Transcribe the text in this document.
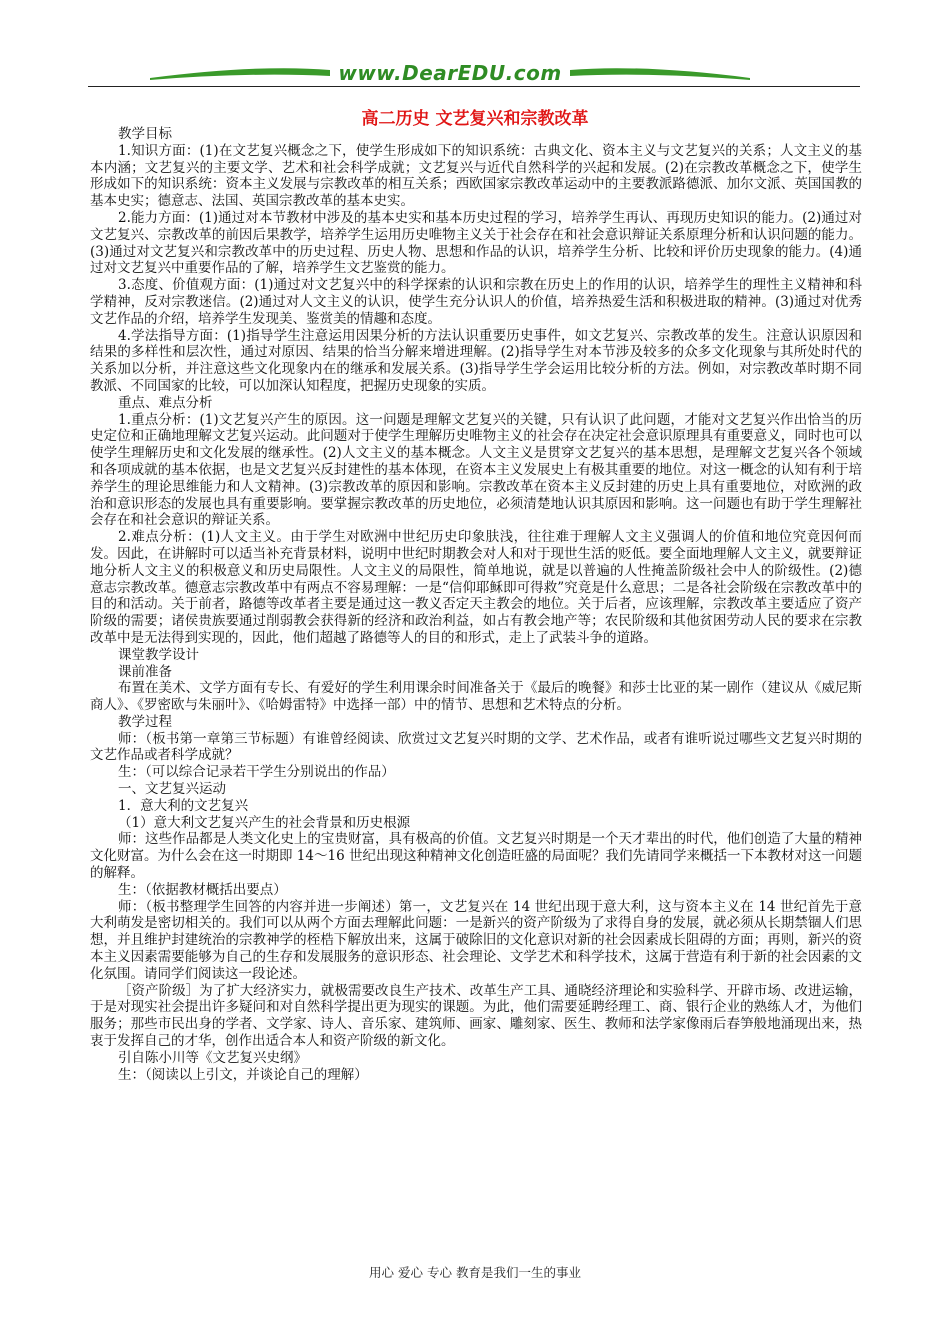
www.DearEDU.com
高二历史 文艺复兴和宗教改革

教学目标

1.知识方面：(1)在文艺复兴概念之下，使学生形成如下的知识系统：古典文化、资本主义与文艺复兴的关系；人文主义的基本内涵；文艺复兴的主要文学、艺术和社会科学成就；文艺复兴与近代自然科学的兴起和发展。(2)在宗教改革概念之下，使学生形成如下的知识系统：资本主义发展与宗教改革的相互关系；西欧国家宗教改革运动中的主要教派路德派、加尔文派、英国国教的基本史实；德意志、法国、英国宗教改革的基本史实。

2.能力方面：(1)通过对本节教材中涉及的基本史实和基本历史过程的学习，培养学生再认、再现历史知识的能力。(2)通过对文艺复兴、宗教改革的前因后果教学，培养学生运用历史唯物主义关于社会存在和社会意识辩证关系原理分析和认识问题的能力。(3)通过对文艺复兴和宗教改革中的历史过程、历史人物、思想和作品的认识，培养学生分析、比较和评价历史现象的能力。(4)通过对文艺复兴中重要作品的了解，培养学生文艺鉴赏的能力。

3.态度、价值观方面：(1)通过对文艺复兴中的科学探索的认识和宗教在历史上的作用的认识，培养学生的理性主义精神和科学精神，反对宗教迷信。(2)通过对人文主义的认识，使学生充分认识人的价值，培养热爱生活和积极进取的精神。(3)通过对优秀文艺作品的介绍，培养学生发现美、鉴赏美的情趣和态度。

4.学法指导方面：(1)指导学生注意运用因果分析的方法认识重要历史事件，如文艺复兴、宗教改革的发生。注意认识原因和结果的多样性和层次性，通过对原因、结果的恰当分解来增进理解。(2)指导学生对本节涉及较多的众多文化现象与其所处时代的关系加以分析，并注意这些文化现象内在的继承和发展关系。(3)指导学生学会运用比较分析的方法。例如，对宗教改革时期不同教派、不同国家的比较，可以加深认知程度，把握历史现象的实质。

重点、难点分析

1.重点分析：(1)文艺复兴产生的原因。这一问题是理解文艺复兴的关键，只有认识了此问题，才能对文艺复兴作出恰当的历史定位和正确地理解文艺复兴运动。此问题对于使学生理解历史唯物主义的社会存在决定社会意识原理具有重要意义，同时也可以使学生理解历史和文化发展的继承性。(2)人文主义的基本概念。人文主义是贯穿文艺复兴的基本思想，是理解文艺复兴各个领域和各项成就的基本依据，也是文艺复兴反封建性的基本体现，在资本主义发展史上有极其重要的地位。对这一概念的认知有利于培养学生的理论思维能力和人文精神。(3)宗教改革的原因和影响。宗教改革在资本主义反封建的历史上具有重要地位，对欧洲的政治和意识形态的发展也具有重要影响。要掌握宗教改革的历史地位，必须清楚地认识其原因和影响。这一问题也有助于学生理解社会存在和社会意识的辩证关系。

2.难点分析：(1)人文主义。由于学生对欧洲中世纪历史印象肤浅，往往难于理解人文主义强调人的价值和地位究竟因何而发。因此，在讲解时可以适当补充背景材料，说明中世纪时期教会对人和对于现世生活的贬低。要全面地理解人文主义，就要辩证地分析人文主义的积极意义和历史局限性。人文主义的局限性，简单地说，就是以普遍的人性掩盖阶级社会中人的阶级性。(2)德意志宗教改革。德意志宗教改革中有两点不容易理解：一是“信仰耶稣即可得救”究竟是什么意思；二是各社会阶级在宗教改革中的目的和活动。关于前者，路德等改革者主要是通过这一教义否定天主教会的地位。关于后者，应该理解，宗教改革主要适应了资产阶级的需要；诸侯贵族要通过削弱教会获得新的经济和政治利益，如占有教会地产等；农民阶级和其他贫困劳动人民的要求在宗教改革中是无法得到实现的，因此，他们超越了路德等人的目的和形式，走上了武装斗争的道路。

课堂教学设计

课前准备

布置在美术、文学方面有专长、有爱好的学生利用课余时间准备关于《最后的晚餐》和莎士比亚的某一剧作（建议从《威尼斯商人》、《罗密欧与朱丽叶》、《哈姆雷特》中选择一部）中的情节、思想和艺术特点的分析。

教学过程

师：（板书第一章第三节标题）有谁曾经阅读、欣赏过文艺复兴时期的文学、艺术作品，或者有谁听说过哪些文艺复兴时期的文艺作品或者科学成就？

生：（可以综合记录若干学生分别说出的作品）

一、文艺复兴运动

1．意大利的文艺复兴

（1）意大利文艺复兴产生的社会背景和历史根源

师：这些作品都是人类文化史上的宝贵财富，具有极高的价值。文艺复兴时期是一个天才辈出的时代，他们创造了大量的精神文化财富。为什么会在这一时期即 14～16 世纪出现这种精神文化创造旺盛的局面呢？我们先请同学来概括一下本教材对这一问题的解释。

生：（依据教材概括出要点）

师：（板书整理学生回答的内容并进一步阐述）第一，文艺复兴在 14 世纪出现于意大利，这与资本主义在 14 世纪首先于意大利萌发是密切相关的。我们可以从两个方面去理解此问题：一是新兴的资产阶级为了求得自身的发展，就必须从长期禁锢人们思想，并且维护封建统治的宗教神学的桎梏下解放出来，这属于破除旧的文化意识对新的社会因素成长阻碍的方面；再则，新兴的资本主义因素需要能够为自己的生存和发展服务的意识形态、社会理论、文学艺术和科学技术，这属于营造有利于新的社会因素的文化氛围。请同学们阅读这一段论述。

［资产阶级］为了扩大经济实力，就极需要改良生产技术、改革生产工具、通晓经济理论和实验科学、开辟市场、改进运输，于是对现实社会提出许多疑问和对自然科学提出更为现实的课题。为此，他们需要延聘经理工、商、银行企业的熟练人才，为他们服务；那些市民出身的学者、文学家、诗人、音乐家、建筑师、画家、雕刻家、医生、教师和法学家像雨后春笋般地涌现出来，热衷于发挥自己的才华，创作出适合本人和资产阶级的新文化。

引自陈小川等《文艺复兴史纲》

生：（阅读以上引文，并谈论自己的理解）

用心 爱心 专心 教育是我们一生的事业
